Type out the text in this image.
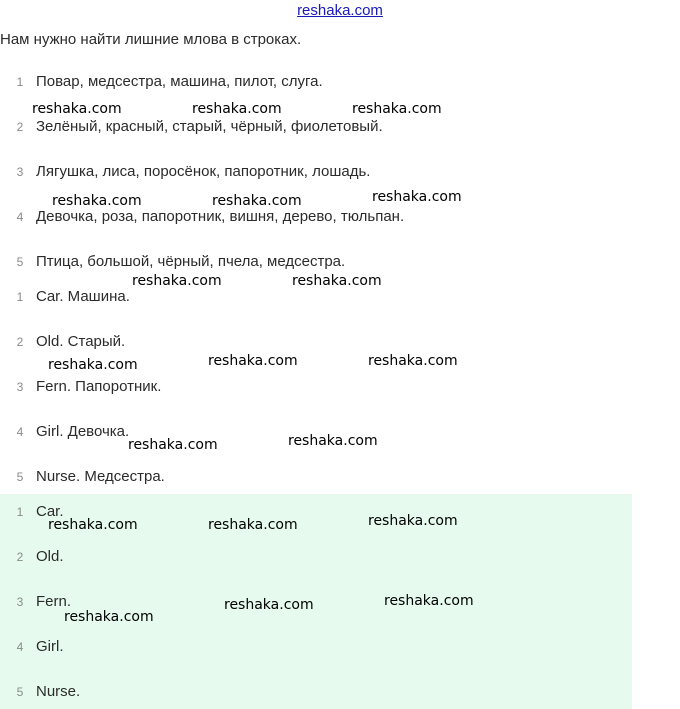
reshaka.com
Нам нужно найти лишние млова в строках.
1 Повар, медсестра, машина, пилот, слуга.
2 Зелёный, красный, старый, чёрный, фиолетовый.
3 Лягушка, лиса, поросёнок, папоротник, лошадь.
4 Девочка, роза, папоротник, вишня, дерево, тюльпан.
5 Птица, большой, чёрный, пчела, медсестра.
1 Car. Машина.
2 Old. Старый.
3 Fern. Папоротник.
4 Girl. Девочка.
5 Nurse. Медсестра.
1 Car.
2 Old.
3 Fern.
4 Girl.
5 Nurse.
reshaka.com	reshaka.com	reshaka.com
reshaka.com	reshaka.com	reshaka.com
reshaka.com	reshaka.com
reshaka.com	reshaka.com	reshaka.com
reshaka.com	reshaka.com
reshaka.com	reshaka.com	reshaka.com
reshaka.com
reshaka.com	reshaka.com
